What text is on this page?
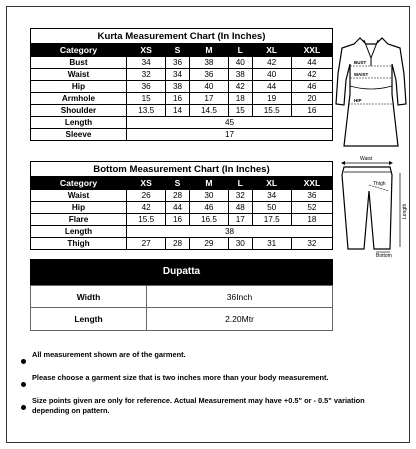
Kurta Measurement Chart (In Inches)						
Category	XS	S	M	L	XL	XXL
Bust	34	36	38	40	42	44
Waist	32	34	36	38	40	42
Hip	36	38	40	42	44	46
Armhole	15	16	17	18	19	20
Shoulder	13.5	14	14.5	15	15.5	16
Length	45					
Sleeve	17					
BUST
WAIST
HIP
Bottom Measurement Chart (In Inches)						
Category	XS	S	M	L	XL	XXL
Waist	26	28	30	32	34	36
Hip	42	44	46	48	50	52
Flare	15.5	16	16.5	17	17.5	18
Length	38					
Thigh	27	28	29	30	31	32
Waist
Thigh
Length
Bottom
Dupatta
Width	36Inch
Length	2.20Mtr
All measurement shown are of the garment.
Please choose a garment size that is two inches more than your body measurement.
Size points given are only for reference. Actual Measurement may have +0.5" or - 0.5" variation depending on pattern.
